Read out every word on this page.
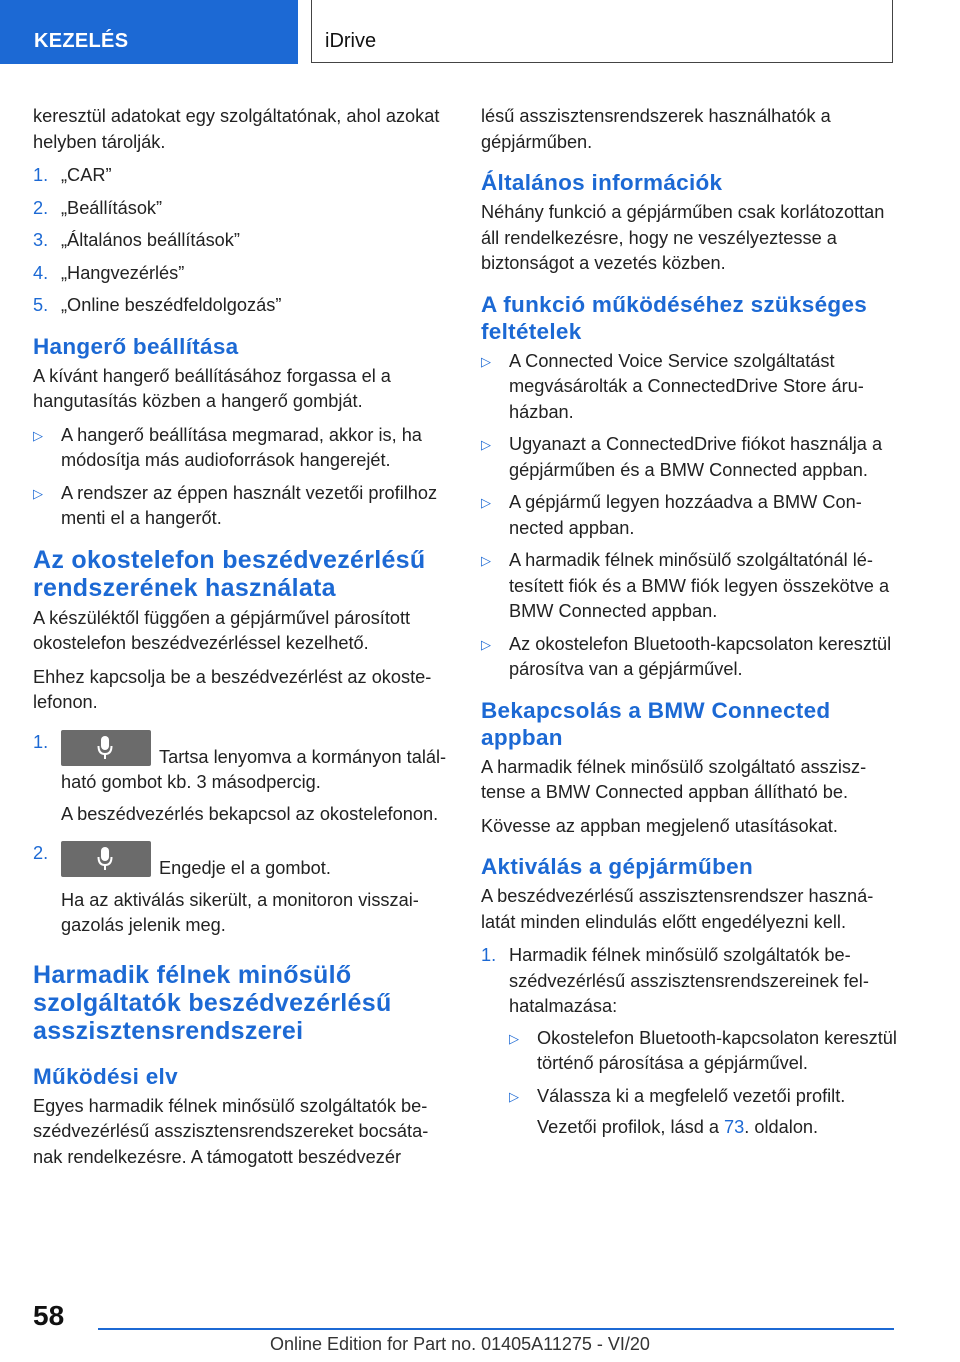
KEZELÉS	iDrive

keresztül adatokat egy szolgáltatónak, ahol azokat helyben tárolják.

1. „CAR”
2. „Beállítások”
3. „Általános beállítások”
4. „Hangvezérlés”
5. „Online beszédfeldolgozás”
Hangerő beállítása

A kívánt hangerő beállításához forgassa el a hangutasítás közben a hangerő gombját.

▷ A hangerő beállítása megmarad, akkor is, ha módosítja más audioforrások hangerejét.
▷ A rendszer az éppen használt vezetői profilhoz menti el a hangerőt.
Az okostelefon beszédvezérlésű rendszerének használata

A készüléktől függően a gépjárművel párosított okostelefon beszédvezérléssel kezelhető.

Ehhez kapcsolja be a beszédvezérlést az okostelefonon.

1.
Tartsa lenyomva a kormányon található gombot kb. 3 másodpercig.
A beszédvezérlés bekapcsol az okostelefonon.
2.
Engedje el a gombot.
Ha az aktiválás sikerült, a monitoron visszaigazolás jelenik meg.
Harmadik félnek minősülő szolgáltatók beszédvezérlésű asszisztensrendszerei
Működési elv

Egyes harmadik félnek minősülő szolgáltatók beszédvezérlésű asszisztensrendszereket bocsátanak rendelkezésre. A támogatott beszédvezér

lésű asszisztensrendszerek használhatók a gépjárműben.

Általános információk

Néhány funkció a gépjárműben csak korlátozottan áll rendelkezésre, hogy ne veszélyeztesse a biztonságot a vezetés közben.

A funkció működéséhez szükséges feltételek
▷ A Connected Voice Service szolgáltatást megvásárolták a ConnectedDrive Store áruházban.
▷ Ugyanazt a ConnectedDrive fiókot használja a gépjárműben és a BMW Connected appban.
▷ A gépjármű legyen hozzáadva a BMW Connected appban.
▷ A harmadik félnek minősülő szolgáltatónál létesített fiók és a BMW fiók legyen összekötve a BMW Connected appban.
▷ Az okostelefon Bluetooth-kapcsolaton keresztül párosítva van a gépjárművel.
Bekapcsolás a BMW Connected appban

A harmadik félnek minősülő szolgáltató asszisztense a BMW Connected appban állítható be.

Kövesse az appban megjelenő utasításokat.

Aktiválás a gépjárműben

A beszédvezérlésű asszisztensrendszer használatát minden elindulás előtt engedélyezni kell.

1. Harmadik félnek minősülő szolgáltatók beszédvezérlésű asszisztensrendszereinek felhatalmazása:
▷ Okostelefon Bluetooth-kapcsolaton keresztül történő párosítása a gépjárművel.
▷ Válassza ki a megfelelő vezetői profilt.
Vezetői profilok, lásd a 73. oldalon.
58
Online Edition for Part no. 01405A11275 - VI/20
